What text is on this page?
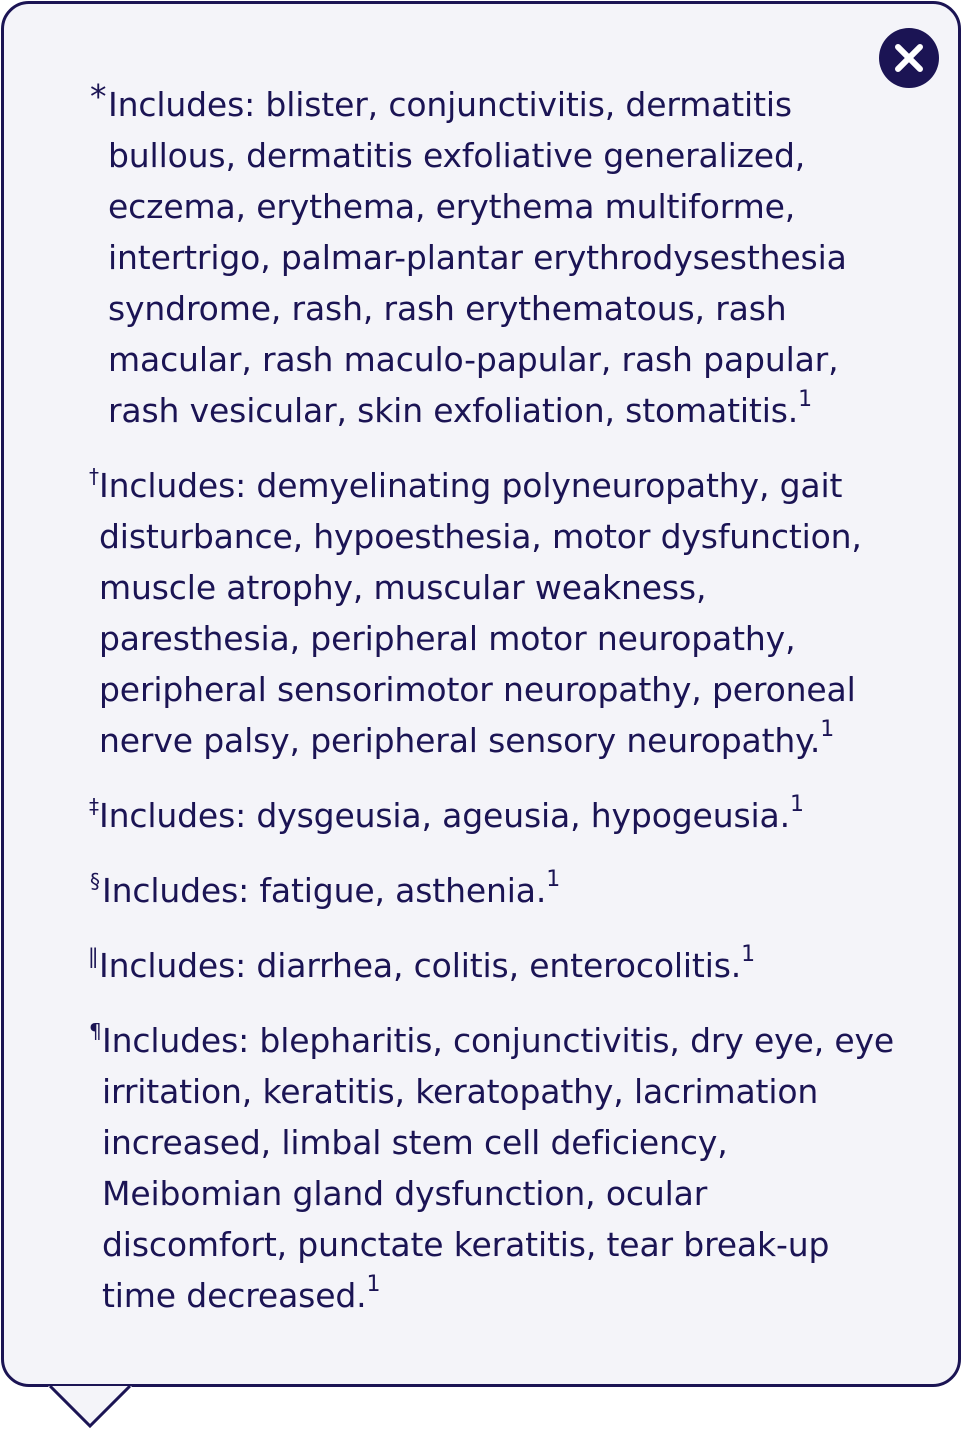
* Includes: blister, conjunctivitis, dermatitis
bullous, dermatitis exfoliative generalized,
eczema, erythema, erythema multiforme,
intertrigo, palmar-plantar erythrodysesthesia
syndrome, rash, rash erythematous, rash
macular, rash maculo-papular, rash papular,
rash vesicular, skin exfoliation, stomatitis.$^1$
† Includes: demyelinating polyneuropathy, gait
disturbance, hypoesthesia, motor dysfunction,
muscle atrophy, muscular weakness,
paresthesia, peripheral motor neuropathy,
peripheral sensorimotor neuropathy, peroneal
nerve palsy, peripheral sensory neuropathy.$^1$
‡ Includes: dysgeusia, ageusia, hypogeusia.$^1$
§ Includes: fatigue, asthenia.$^1$
|| Includes: diarrhea, colitis, enterocolitis.$^1$
¶ Includes: blepharitis, conjunctivitis, dry eye, eye
irritation, keratitis, keratopathy, lacrimation
increased, limbal stem cell deficiency,
Meibomian gland dysfunction, ocular
discomfort, punctate keratitis, tear break-up
time decreased.$^1$
